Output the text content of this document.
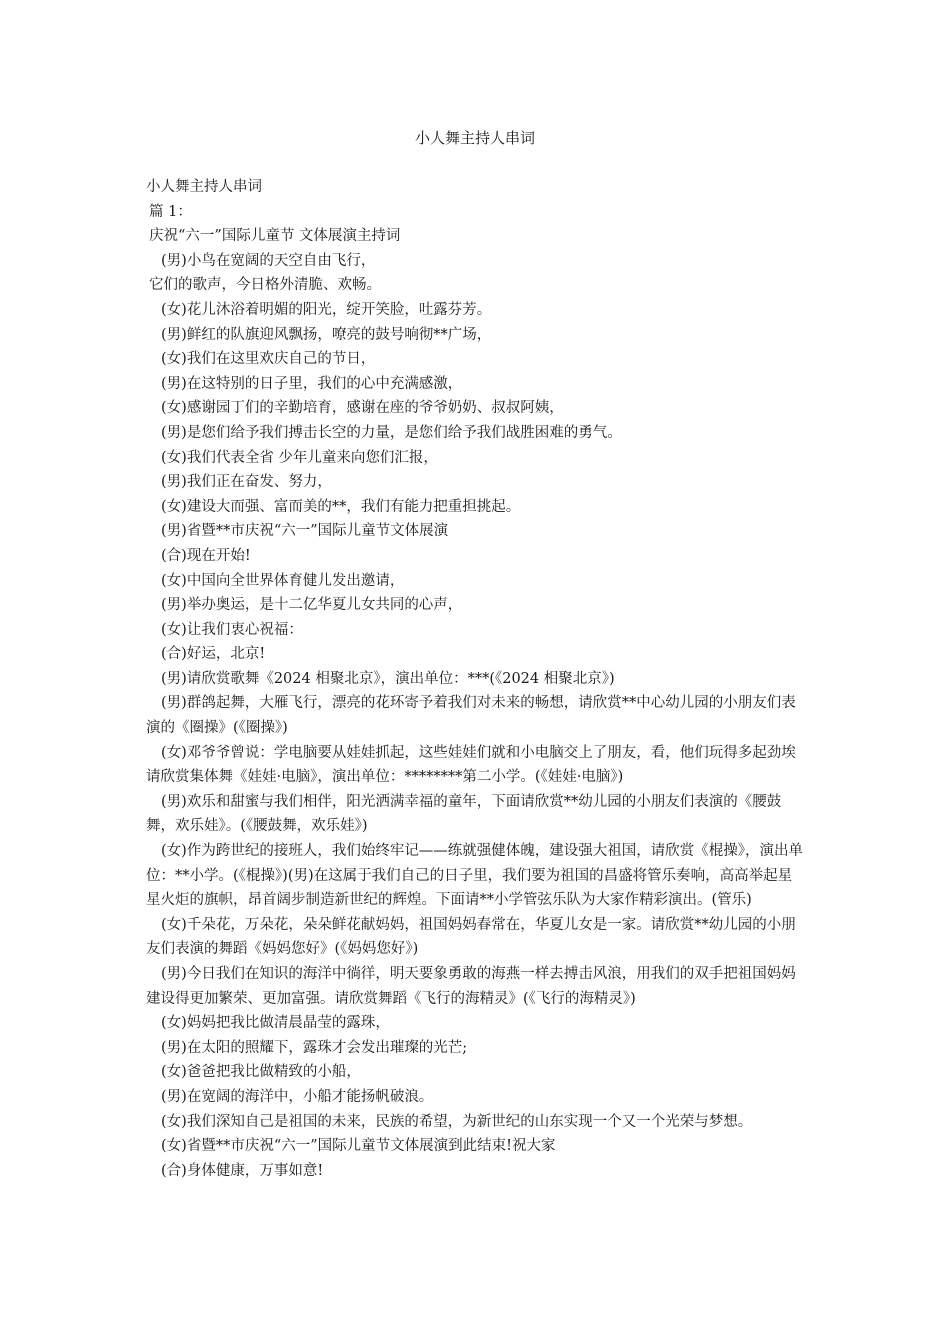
小人舞主持人串词

小人舞主持人串词

篇 1：

庆祝“六一”国际儿童节 文体展演主持词

(男)小鸟在宽阔的天空自由飞行，

它们的歌声，今日格外清脆、欢畅。

(女)花儿沐浴着明媚的阳光，绽开笑脸，吐露芬芳。

(男)鲜红的队旗迎风飘扬，嘹亮的鼓号响彻**广场，

(女)我们在这里欢庆自己的节日，

(男)在这特别的日子里，我们的心中充满感激，

(女)感谢园丁们的辛勤培育，感谢在座的爷爷奶奶、叔叔阿姨，

(男)是您们给予我们搏击长空的力量，是您们给予我们战胜困难的勇气。

(女)我们代表全省 少年儿童来向您们汇报，

(男)我们正在奋发、努力，

(女)建设大而强、富而美的**，我们有能力把重担挑起。

(男)省暨**市庆祝“六一”国际儿童节文体展演

(合)现在开始!

(女)中国向全世界体育健儿发出邀请，

(男)举办奥运，是十二亿华夏儿女共同的心声，

(女)让我们衷心祝福：

(合)好运，北京!

(男)请欣赏歌舞《2024 相聚北京》，演出单位：***(《2024 相聚北京》)

(男)群鸽起舞，大雁飞行，漂亮的花环寄予着我们对未来的畅想，请欣赏**中心幼儿园的小朋友们表演的《圈操》(《圈操》)

(女)邓爷爷曾说：学电脑要从娃娃抓起，这些娃娃们就和小电脑交上了朋友，看，他们玩得多起劲埃请欣赏集体舞《娃娃·电脑》，演出单位：********第二小学。(《娃娃·电脑》)

(男)欢乐和甜蜜与我们相伴，阳光洒满幸福的童年，下面请欣赏**幼儿园的小朋友们表演的《腰鼓舞，欢乐娃》。(《腰鼓舞，欢乐娃》)

(女)作为跨世纪的接班人，我们始终牢记——练就强健体魄，建设强大祖国，请欣赏《棍操》，演出单位：**小学。(《棍操》)(男)在这属于我们自己的日子里，我们要为祖国的昌盛将管乐奏响，高高举起星星火炬的旗帜，昂首阔步制造新世纪的辉煌。下面请**小学管弦乐队为大家作精彩演出。(管乐)

(女)千朵花，万朵花，朵朵鲜花献妈妈，祖国妈妈春常在，华夏儿女是一家。请欣赏**幼儿园的小朋友们表演的舞蹈《妈妈您好》(《妈妈您好》)

(男)今日我们在知识的海洋中徜徉，明天要象勇敢的海燕一样去搏击风浪，用我们的双手把祖国妈妈建设得更加繁荣、更加富强。请欣赏舞蹈《飞行的海精灵》(《飞行的海精灵》)

(女)妈妈把我比做清晨晶莹的露珠，

(男)在太阳的照耀下，露珠才会发出璀璨的光芒;

(女)爸爸把我比做精致的小船，

(男)在宽阔的海洋中，小船才能扬帆破浪。

(女)我们深知自己是祖国的未来，民族的希望，为新世纪的山东实现一个又一个光荣与梦想。

(女)省暨**市庆祝“六一”国际儿童节文体展演到此结束!祝大家

(合)身体健康，万事如意!
